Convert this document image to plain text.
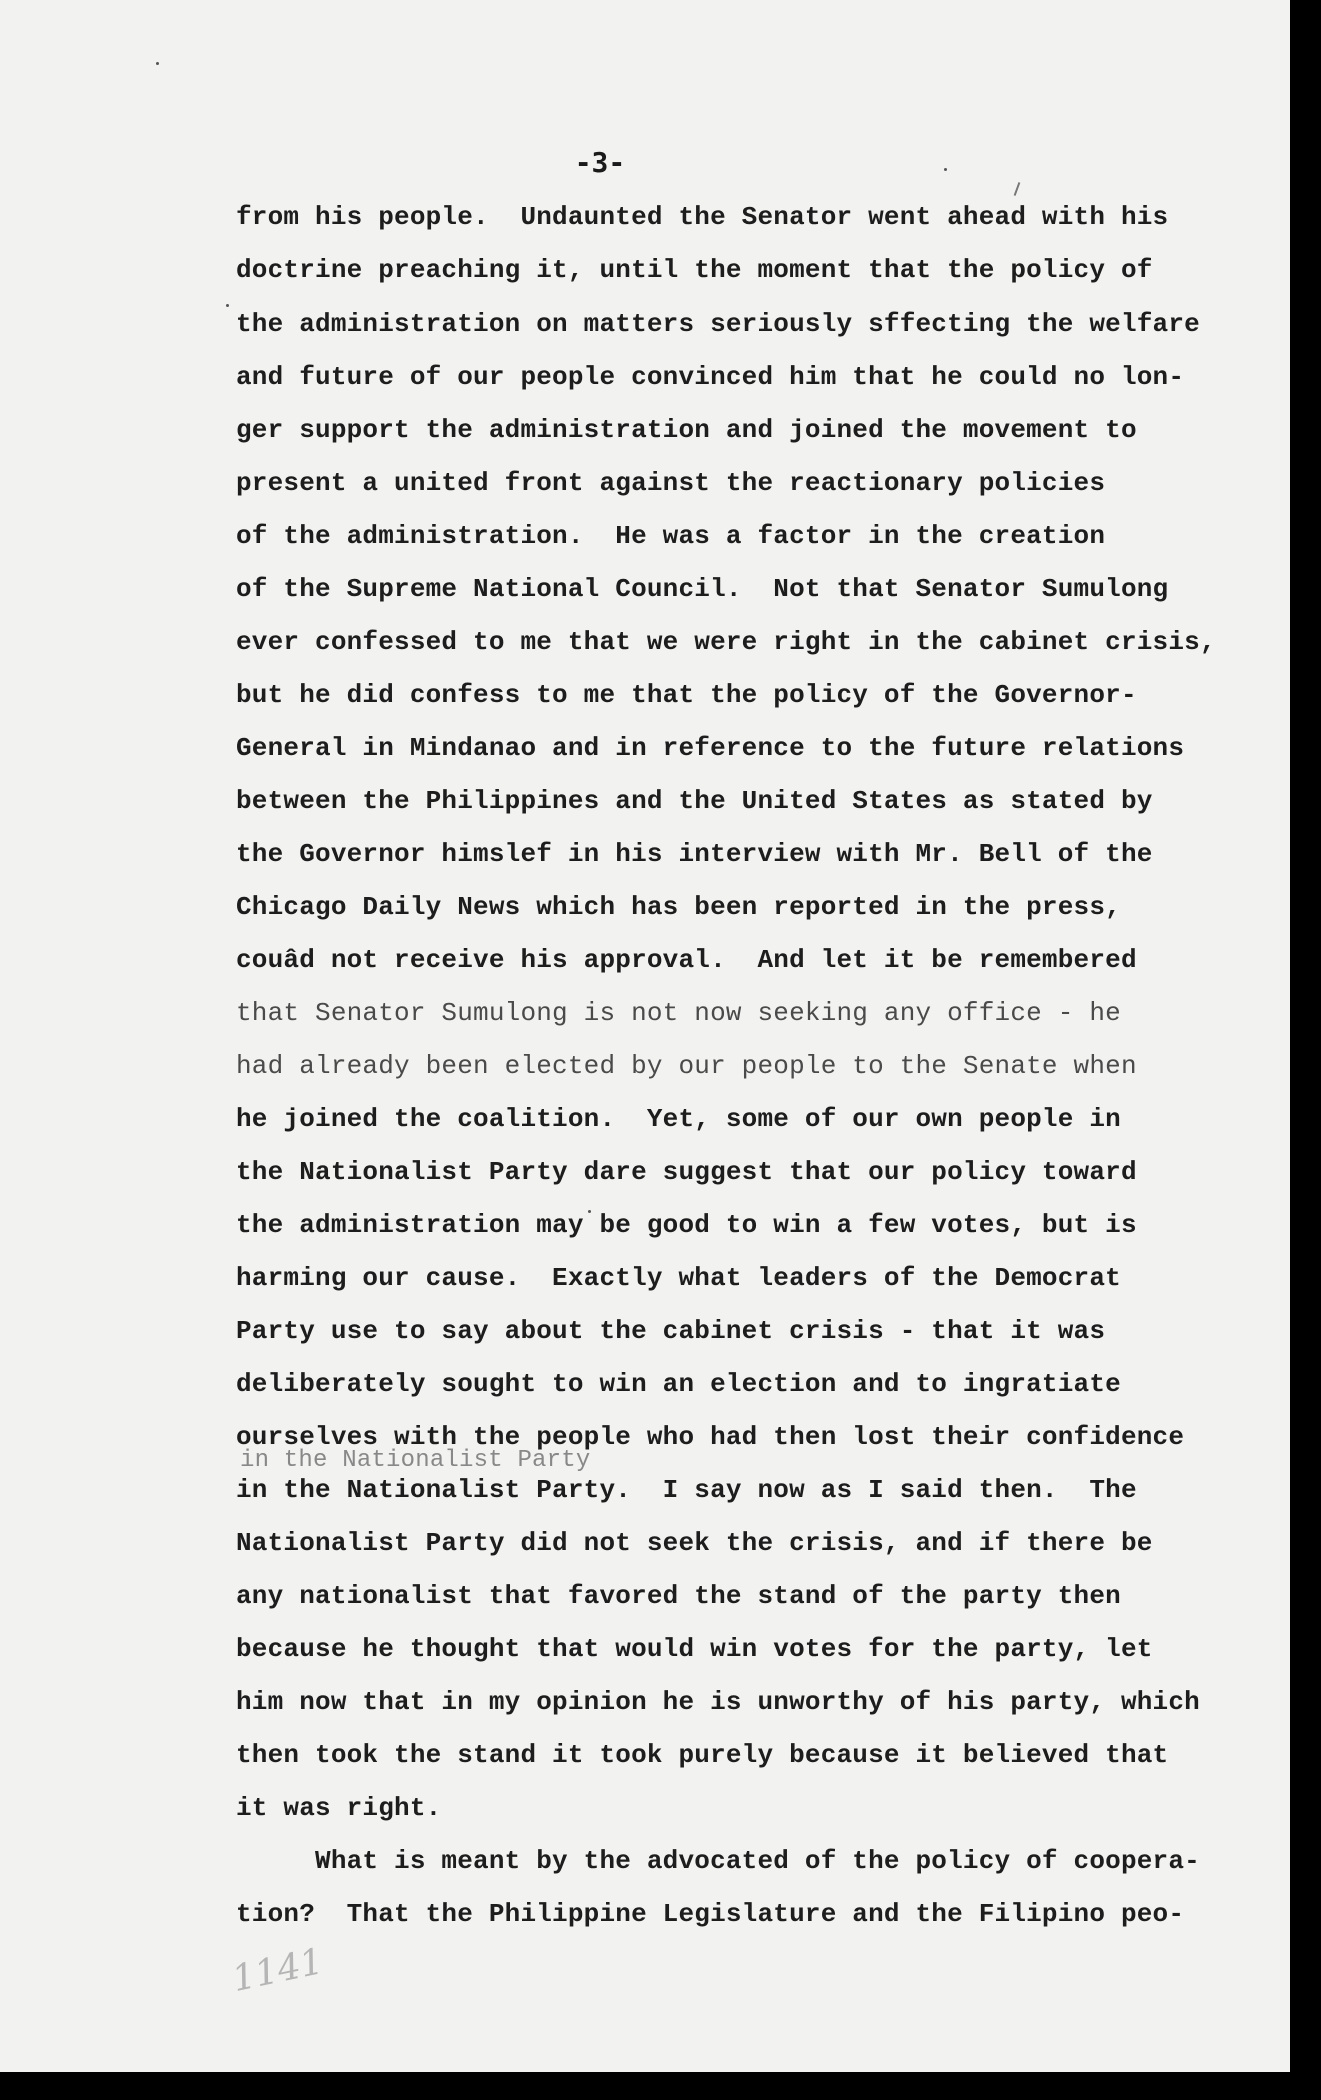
-3-
from his people.  Undaunted the Senator went ahead with his
doctrine preaching it, until the moment that the policy of
the administration on matters seriously sffecting the welfare
and future of our people convinced him that he could no lon-
ger support the administration and joined the movement to
present a united front against the reactionary policies
of the administration.  He was a factor in the creation
of the Supreme National Council.  Not that Senator Sumulong
ever confessed to me that we were right in the cabinet crisis,
but he did confess to me that the policy of the Governor-
General in Mindanao and in reference to the future relations
between the Philippines and the United States as stated by
the Governor himslef in his interview with Mr. Bell of the
Chicago Daily News which has been reported in the press,
couâd not receive his approval.  And let it be remembered
that Senator Sumulong is not now seeking any office - he
had already been elected by our people to the Senate when
he joined the coalition.  Yet, some of our own people in
the Nationalist Party dare suggest that our policy toward
the administration may be good to win a few votes, but is
harming our cause.  Exactly what leaders of the Democrat
Party use to say about the cabinet crisis - that it was
deliberately sought to win an election and to ingratiate
ourselves with the people who had then lost their confidence
in the Nationalist Party
in the Nationalist Party.  I say now as I said then.  The
Nationalist Party did not seek the crisis, and if there be
any nationalist that favored the stand of the party then
because he thought that would win votes for the party, let
him now that in my opinion he is unworthy of his party, which
then took the stand it took purely because it believed that
it was right.
What is meant by the advocated of the policy of coopera-
tion?  That the Philippine Legislature and the Filipino peo-
1141
